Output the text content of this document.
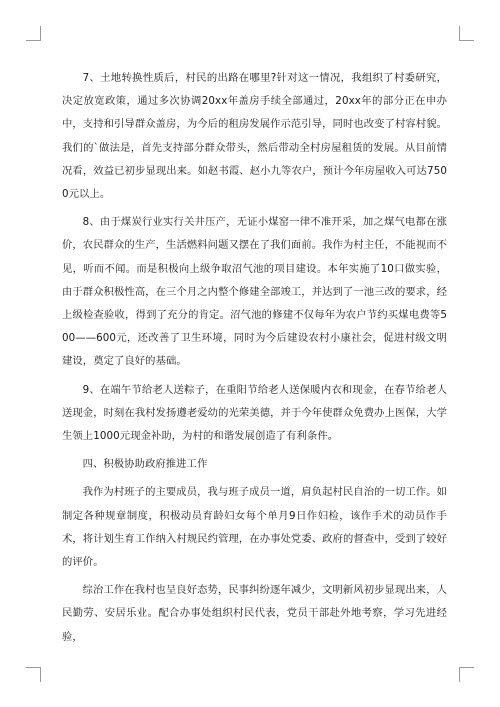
7、土地转换性质后，村民的出路在哪里?针对这一情况，我组织了村委研究，决定放宽政策，通过多次协调20xx年盖房手续全部通过，20xx年的部分正在申办中，支持和引导群众盖房，为今后的租房发展作示范引导，同时也改变了村容村貌。我们的`做法是，首先支持部分群众带头，然后带动全村房屋租赁的发展。从目前情况看，效益已初步显现出来。如赵书霞、赵小九等农户，预计今年房屋收入可达7500元以上。

8、由于煤炭行业实行关井压产，无证小煤窑一律不准开采，加之煤气电都在涨价，农民群众的生产，生活燃料问题又摆在了我们面前。我作为村主任，不能视而不见，听而不闻。而是积极向上级争取沼气池的项目建设。本年实施了10口做实验，由于群众积极性高，在三个月之内整个修建全部竣工，并达到了一池三改的要求，经上级检查验收，得到了充分的肯定。沼气池的修建不仅每年为农户节约买煤电费等500——600元，还改善了卫生环境，同时为今后建设农村小康社会，促进村级文明建设，奠定了良好的基础。

9、在端午节给老人送粽子，在重阳节给老人送保暖内衣和现金，在春节给老人送现金，时刻在我村发扬遵老爱幼的光荣美德，并于今年使群众免费办上医保，大学生领上1000元现金补助，为村的和谐发展创造了有利条件。

四、积极协助政府推进工作

我作为村班子的主要成员，我与班子成员一道，肩负起村民自治的一切工作。如制定各种规章制度，积极动员育龄妇女每个单月9日作妇检，该作手术的动员作手术，将计划生育工作纳入村规民约管理，在办事处党委、政府的督查中，受到了较好的评价。

综治工作在我村也呈良好态势，民事纠纷逐年减少，文明新风初步显现出来，人民勤劳、安居乐业。配合办事处组织村民代表，党员干部赴外地考察，学习先进经验，
